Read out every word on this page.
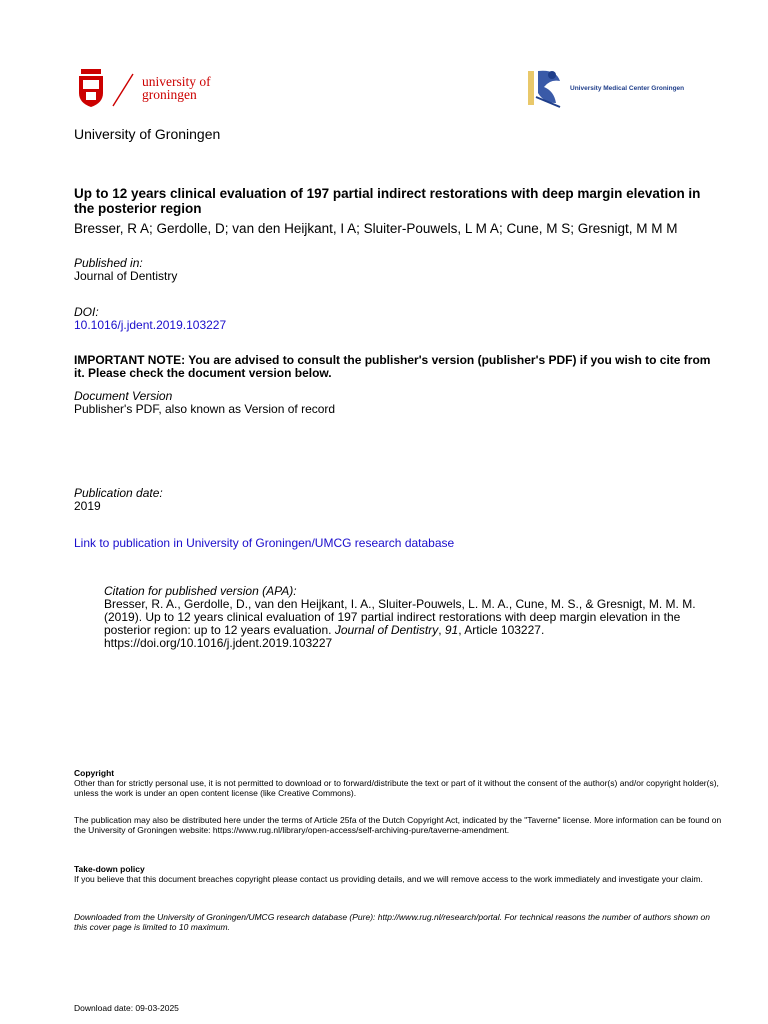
university of
groningen	University Medical Center Groningen
University of Groningen
Up to 12 years clinical evaluation of 197 partial indirect restorations with deep margin elevation in the posterior region
Bresser, R A; Gerdolle, D; van den Heijkant, I A; Sluiter-Pouwels, L M A; Cune, M S; Gresnigt, M M M
Published in:
Journal of Dentistry
DOI:
10.1016/j.jdent.2019.103227
IMPORTANT NOTE: You are advised to consult the publisher's version (publisher's PDF) if you wish to cite from it. Please check the document version below.
Document Version
Publisher's PDF, also known as Version of record
Publication date:
2019
Link to publication in University of Groningen/UMCG research database
Citation for published version (APA):
Bresser, R. A., Gerdolle, D., van den Heijkant, I. A., Sluiter-Pouwels, L. M. A., Cune, M. S., & Gresnigt, M. M. M. (2019). Up to 12 years clinical evaluation of 197 partial indirect restorations with deep margin elevation in the posterior region: up to 12 years evaluation. Journal of Dentistry, 91, Article 103227. https://doi.org/10.1016/j.jdent.2019.103227
Copyright
Other than for strictly personal use, it is not permitted to download or to forward/distribute the text or part of it without the consent of the author(s) and/or copyright holder(s), unless the work is under an open content license (like Creative Commons).
The publication may also be distributed here under the terms of Article 25fa of the Dutch Copyright Act, indicated by the "Taverne" license. More information can be found on the University of Groningen website: https://www.rug.nl/library/open-access/self-archiving-pure/taverne-amendment.
Take-down policy
If you believe that this document breaches copyright please contact us providing details, and we will remove access to the work immediately and investigate your claim.
Downloaded from the University of Groningen/UMCG research database (Pure): http://www.rug.nl/research/portal. For technical reasons the number of authors shown on this cover page is limited to 10 maximum.
Download date: 09-03-2025
